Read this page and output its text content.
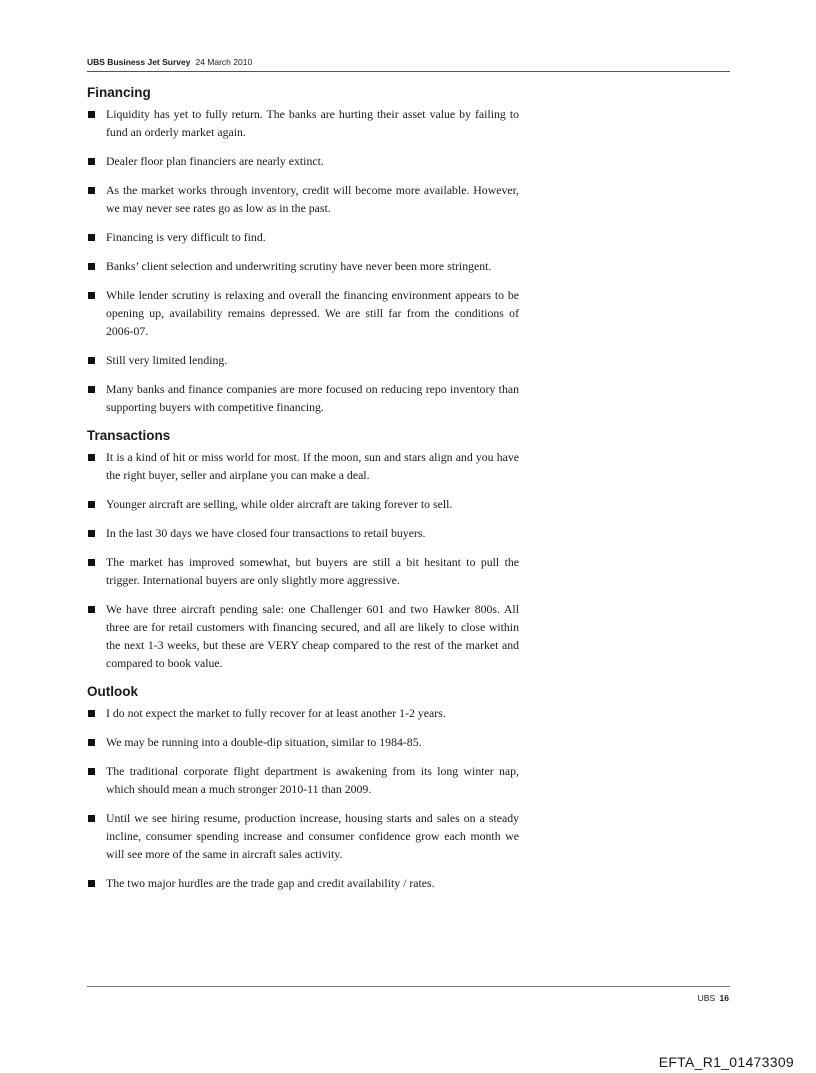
UBS Business Jet Survey 24 March 2010
Financing
Liquidity has yet to fully return. The banks are hurting their asset value by failing to fund an orderly market again.
Dealer floor plan financiers are nearly extinct.
As the market works through inventory, credit will become more available. However, we may never see rates go as low as in the past.
Financing is very difficult to find.
Banks’ client selection and underwriting scrutiny have never been more stringent.
While lender scrutiny is relaxing and overall the financing environment appears to be opening up, availability remains depressed. We are still far from the conditions of 2006-07.
Still very limited lending.
Many banks and finance companies are more focused on reducing repo inventory than supporting buyers with competitive financing.
Transactions
It is a kind of hit or miss world for most. If the moon, sun and stars align and you have the right buyer, seller and airplane you can make a deal.
Younger aircraft are selling, while older aircraft are taking forever to sell.
In the last 30 days we have closed four transactions to retail buyers.
The market has improved somewhat, but buyers are still a bit hesitant to pull the trigger. International buyers are only slightly more aggressive.
We have three aircraft pending sale: one Challenger 601 and two Hawker 800s. All three are for retail customers with financing secured, and all are likely to close within the next 1-3 weeks, but these are VERY cheap compared to the rest of the market and compared to book value.
Outlook
I do not expect the market to fully recover for at least another 1-2 years.
We may be running into a double-dip situation, similar to 1984-85.
The traditional corporate flight department is awakening from its long winter nap, which should mean a much stronger 2010-11 than 2009.
Until we see hiring resume, production increase, housing starts and sales on a steady incline, consumer spending increase and consumer confidence grow each month we will see more of the same in aircraft sales activity.
The two major hurdles are the trade gap and credit availability / rates.
UBS 16
EFTA_R1_01473309
